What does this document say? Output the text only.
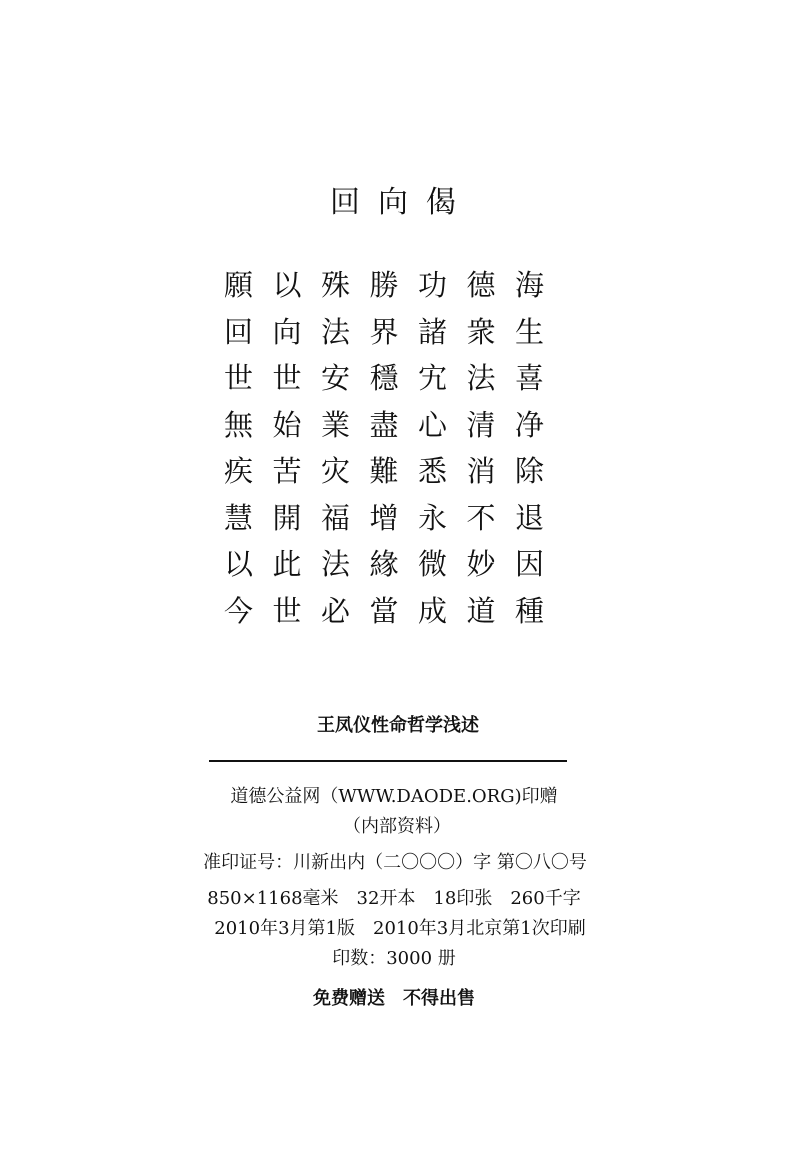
回向偈
願 以 殊 勝 功 德 海
回 向 法 界 諸 衆 生
世 世 安 穩 宄 法 喜
無 始 業 盡 心 清 净
疾 苦 灾 難 悉 消 除
慧 開 福 增 永 不 退
以 此 法 緣 微 妙 因
今 世 必 當 成 道 種
王凤仪性命哲学浅述
道德公益网（WWW.DAODE.ORG)印赠
（内部资料）
准印证号：川新出内（二〇〇〇）字 第〇八〇号
850×1168毫米　32开本　18印张　260千字
2010年3月第1版　2010年3月北京第1次印刷
印数：3000 册
免费赠送　不得出售
